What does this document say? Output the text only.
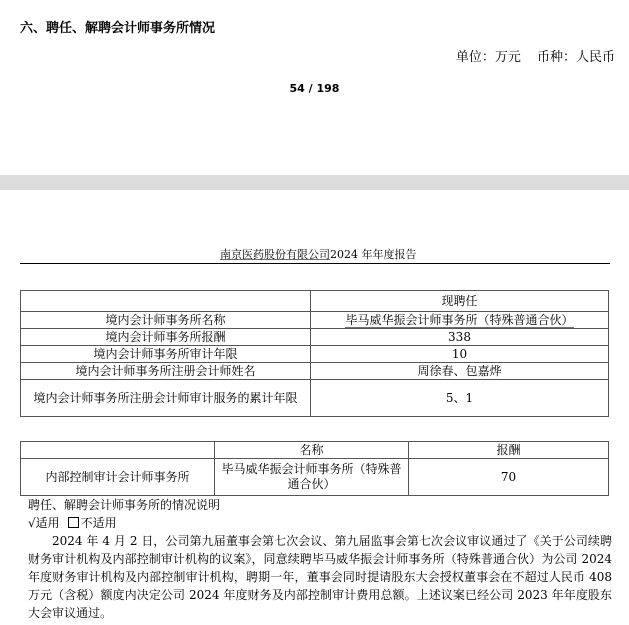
六、聘任、解聘会计师事务所情况
单位：万元 币种：人民币
54 / 198
南京医药股份有限公司2024 年年度报告
	现聘任
境内会计师事务所名称	毕马威华振会计师事务所（特殊普通合伙）
境内会计师事务所报酬	338
境内会计师事务所审计年限	10
境内会计师事务所注册会计师姓名	周徐春、包嘉烨
境内会计师事务所注册会计师审计服务的累计年限	5、1
	名称	报酬
内部控制审计会计师事务所	毕马威华振会计师事务所（特殊普通合伙）	70
聘任、解聘会计师事务所的情况说明
√适用 不适用
2024 年 4 月 2 日，公司第九届董事会第七次会议、第九届监事会第七次会议审议通过了《关于公司续聘财务审计机构及内部控制审计机构的议案》，同意续聘毕马威华振会计师事务所（特殊普通合伙）为公司 2024 年度财务审计机构及内部控制审计机构，聘期一年，董事会同时提请股东大会授权董事会在不超过人民币 408 万元（含税）额度内决定公司 2024 年度财务及内部控制审计费用总额。上述议案已经公司 2023 年年度股东大会审议通过。
